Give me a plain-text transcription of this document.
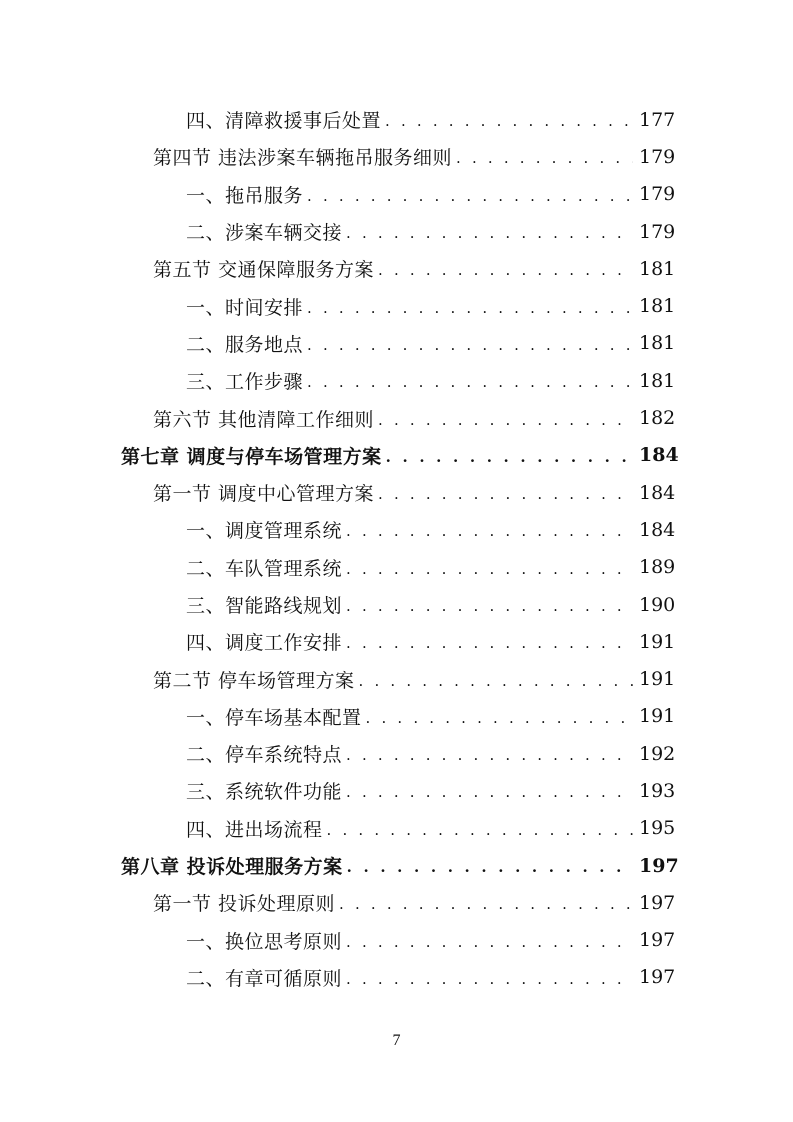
四、清障救援事后处置 . . .	177
第四节 违法涉案车辆拖吊服务细则 . . .	179
一、拖吊服务 . . .	179
二、涉案车辆交接 . . .	179
第五节 交通保障服务方案 . . .	181
一、时间安排 . . .	181
二、服务地点 . . .	181
三、工作步骤 . . .	181
第六节 其他清障工作细则 . . .	182
第七章 调度与停车场管理方案 . . .	184
第一节 调度中心管理方案 . . .	184
一、调度管理系统 . . .	184
二、车队管理系统 . . .	189
三、智能路线规划 . . .	190
四、调度工作安排 . . .	191
第二节 停车场管理方案 . . .	191
一、停车场基本配置 . . .	191
二、停车系统特点 . . .	192
三、系统软件功能 . . .	193
四、进出场流程 . . .	195
第八章 投诉处理服务方案 . . .	197
第一节 投诉处理原则 . . .	197
一、换位思考原则 . . .	197
二、有章可循原则 . . .	197
7
